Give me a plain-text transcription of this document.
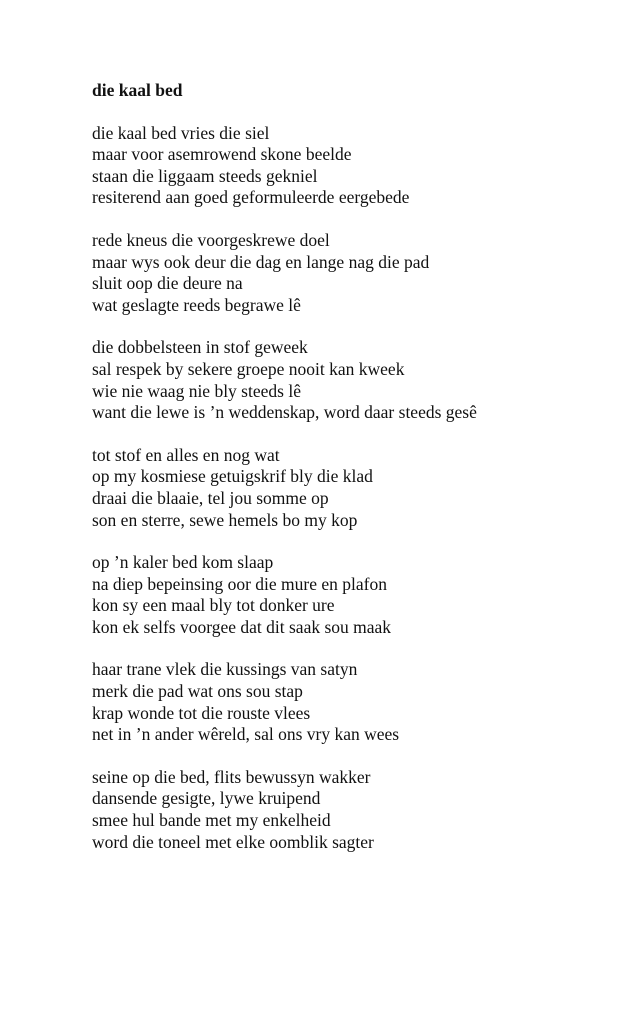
die kaal bed
die kaal bed vries die siel
maar voor asemrowend skone beelde
staan die liggaam steeds gekniel
resiterend aan goed geformuleerde eergebede
rede kneus die voorgeskrewe doel
maar wys ook deur die dag en lange nag die pad
sluit oop die deure na
wat geslagte reeds begrawe lê
die dobbelsteen in stof geweek
sal respek by sekere groepe nooit kan kweek
wie nie waag nie bly steeds lê
want die lewe is ’n weddenskap, word daar steeds gesê
tot stof en alles en nog wat
op my kosmiese getuigskrif bly die klad
draai die blaaie, tel jou somme op
son en sterre, sewe hemels bo my kop
op ’n kaler bed kom slaap
na diep bepeinsing oor die mure en plafon
kon sy een maal bly tot donker ure
kon ek selfs voorgee dat dit saak sou maak
haar trane vlek die kussings van satyn
merk die pad wat ons sou stap
krap wonde tot die rouste vlees
net in ’n ander wêreld, sal ons vry kan wees
seine op die bed, flits bewussyn wakker
dansende gesigte, lywe kruipend
smee hul bande met my enkelheid
word die toneel met elke oomblik sagter
